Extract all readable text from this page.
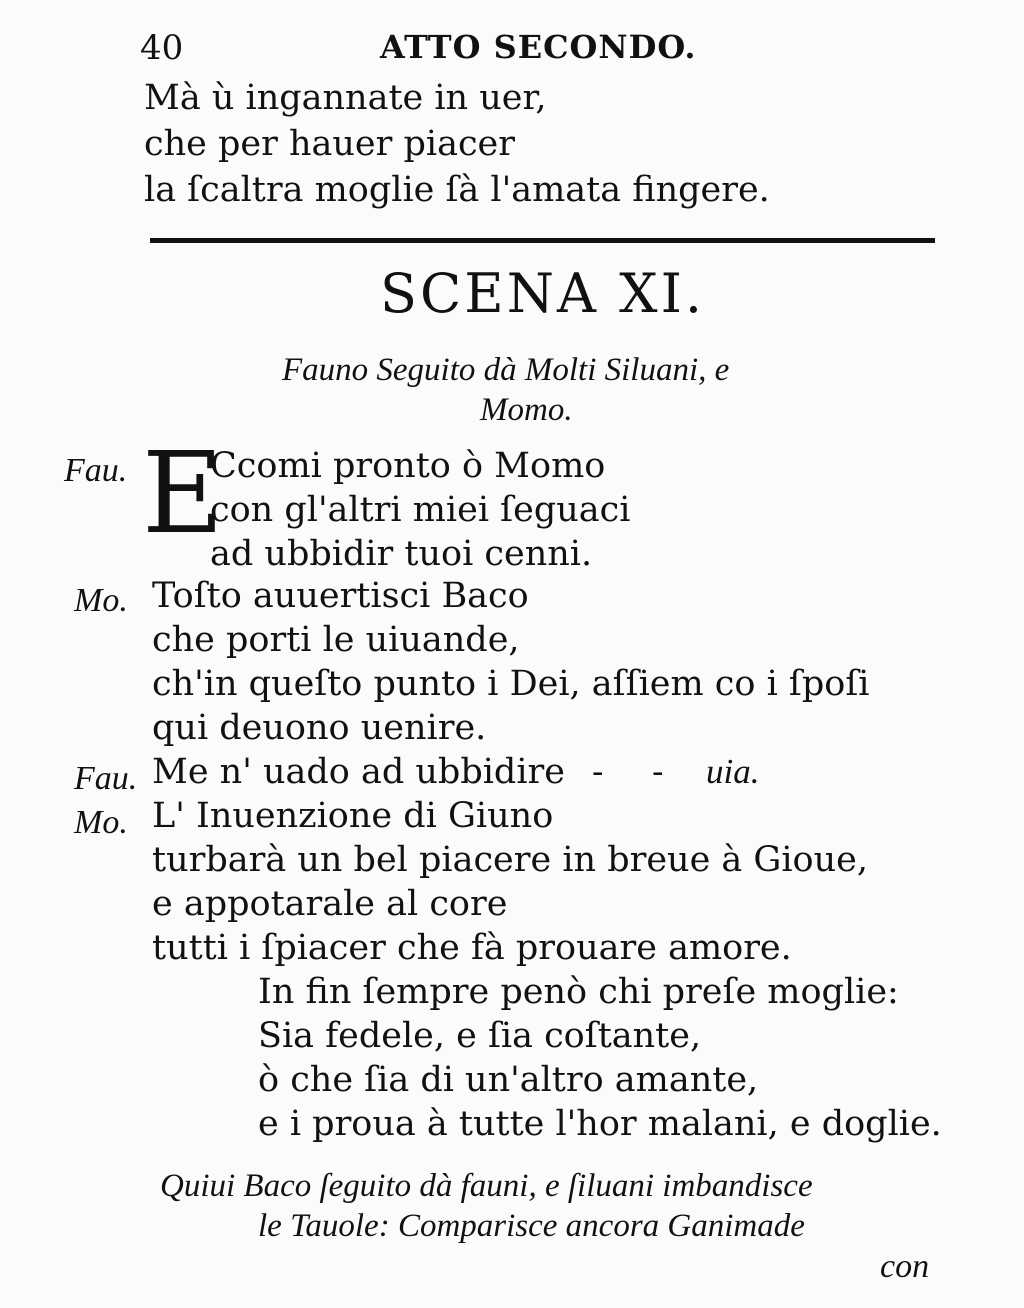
40	ATTO SECONDO.
Mà ù ingannate in uer,
che per hauer piacer
la ſcaltra moglie ſà l'amata fingere.
SCENA XI.
Fauno Seguito dà Molti Siluani, e
Momo.
Fau. E
Ccomi pronto ò Momo
con gl'altri miei ſeguaci
ad ubbidir tuoi cenni.
Mo. Toſto auuertisci Baco
che porti le uiuande,
ch'in queſto punto i Dei, aſſiem co i ſpoſi
qui deuono uenire.
Fau. Me n' uado ad ubbidire - - uia.
Mo. L' Inuenzione di Giuno
turbarà un bel piacere in breue à Gioue,
e appotarale al core
tutti i ſpiacer che fà prouare amore.
In fin ſempre penò chi preſe moglie:
Sia fedele, e ſia coſtante,
ò che ſia di un'altro amante,
e i proua à tutte l'hor malani, e doglie.
Quiui Baco ſeguito dà fauni, e ſiluani imbandisce
le Tauole: Comparisce ancora Ganimade
con
